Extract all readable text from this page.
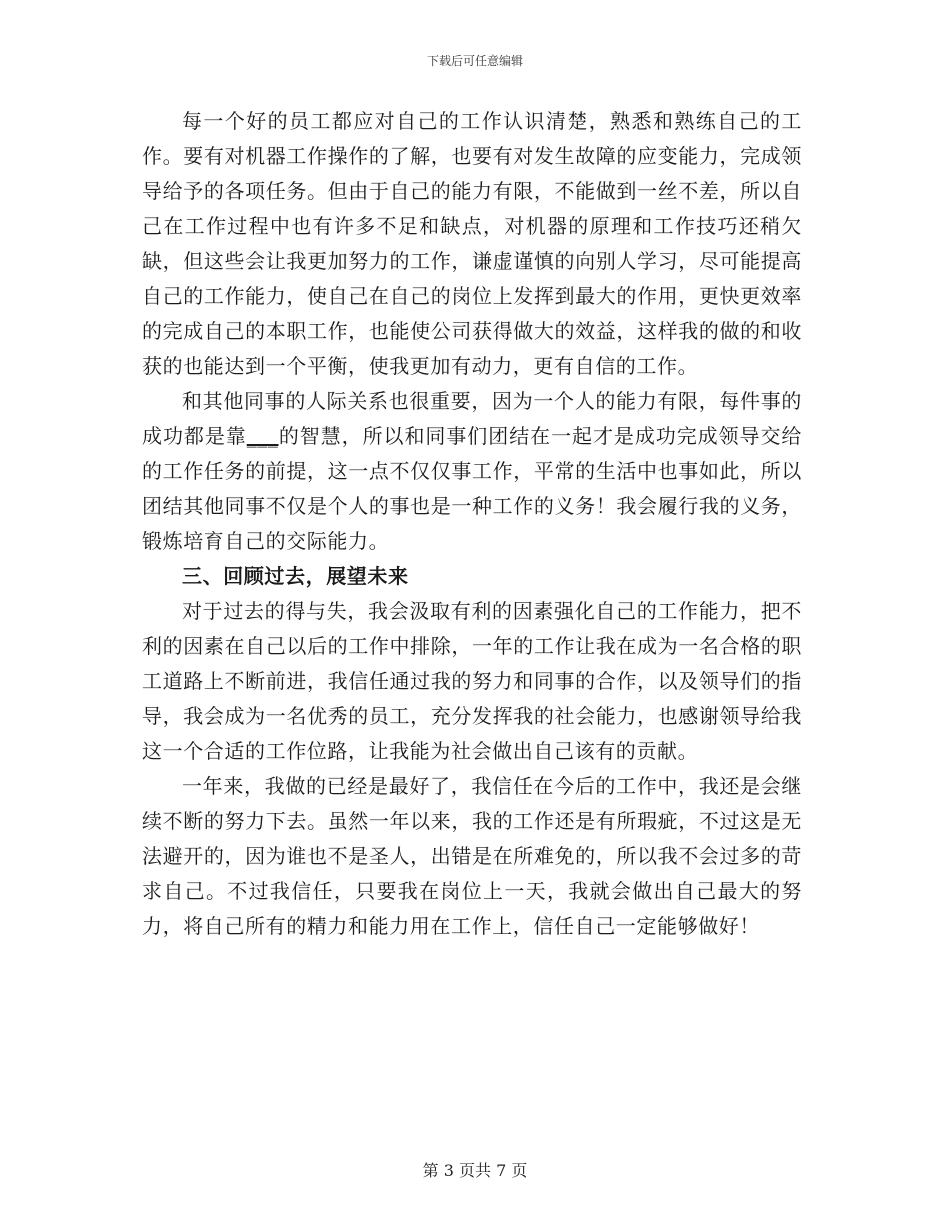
下载后可任意编辑

每一个好的员工都应对自己的工作认识清楚，熟悉和熟练自己的工作。要有对机器工作操作的了解，也要有对发生故障的应变能力，完成领导给予的各项任务。但由于自己的能力有限，不能做到一丝不差，所以自己在工作过程中也有许多不足和缺点，对机器的原理和工作技巧还稍欠缺，但这些会让我更加努力的工作，谦虚谨慎的向别人学习，尽可能提高自己的工作能力，使自己在自己的岗位上发挥到最大的作用，更快更效率的完成自己的本职工作，也能使公司获得做大的效益，这样我的做的和收获的也能达到一个平衡，使我更加有动力，更有自信的工作。

和其他同事的人际关系也很重要，因为一个人的能力有限，每件事的成功都是靠___的智慧，所以和同事们团结在一起才是成功完成领导交给的工作任务的前提，这一点不仅仅事工作，平常的生活中也事如此，所以团结其他同事不仅是个人的事也是一种工作的义务！我会履行我的义务，锻炼培育自己的交际能力。

三、回顾过去，展望未来

对于过去的得与失，我会汲取有利的因素强化自己的工作能力，把不利的因素在自己以后的工作中排除，一年的工作让我在成为一名合格的职工道路上不断前进，我信任通过我的努力和同事的合作，以及领导们的指导，我会成为一名优秀的员工，充分发挥我的社会能力，也感谢领导给我这一个合适的工作位路，让我能为社会做出自己该有的贡献。

一年来，我做的已经是最好了，我信任在今后的工作中，我还是会继续不断的努力下去。虽然一年以来，我的工作还是有所瑕疵，不过这是无法避开的，因为谁也不是圣人，出错是在所难免的，所以我不会过多的苛求自己。不过我信任，只要我在岗位上一天，我就会做出自己最大的努力，将自己所有的精力和能力用在工作上，信任自己一定能够做好！

第 3 页共 7 页
